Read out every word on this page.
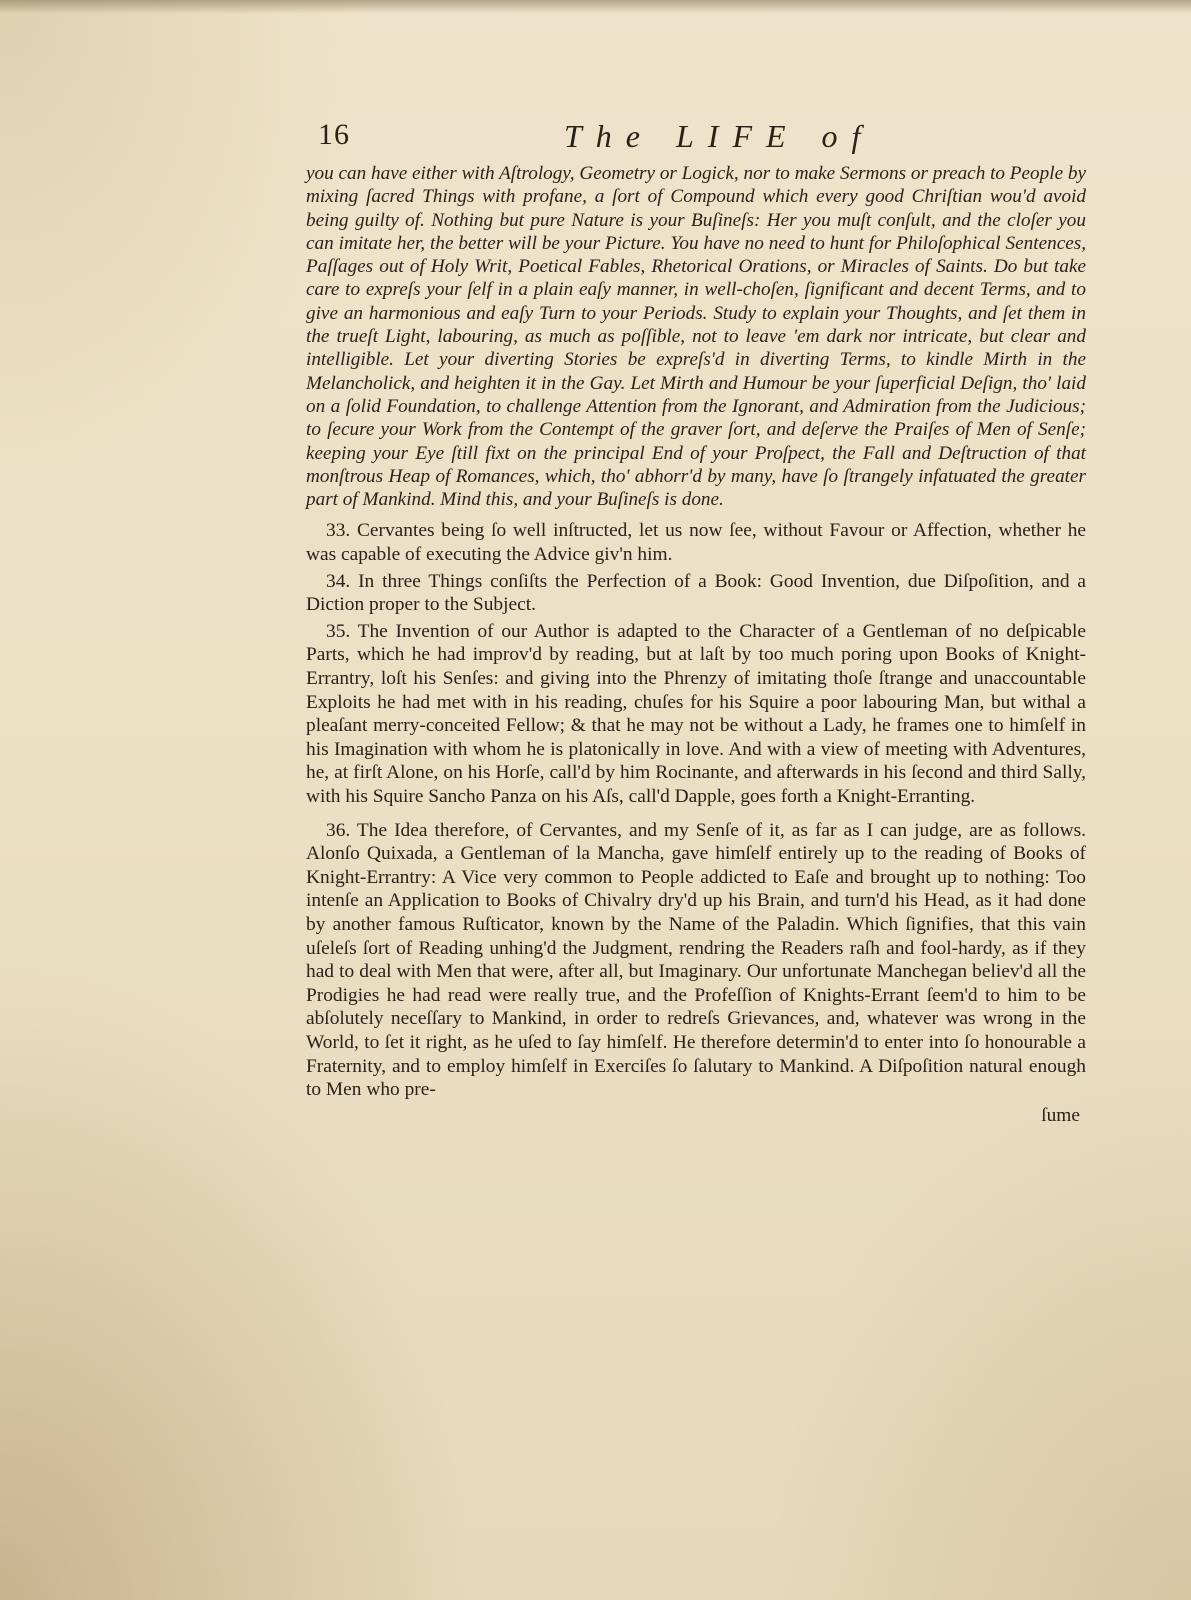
16	The LIFE of

you can have either with Aſtrology, Geometry or Logick, nor to make Sermons or preach to People by mixing ſacred Things with profane, a ſort of Compound which every good Chriſtian wou'd avoid being guilty of. Nothing but pure Nature is your Buſineſs: Her you muſt conſult, and the cloſer you can imitate her, the better will be your Picture. You have no need to hunt for Philoſophical Sentences, Paſſages out of Holy Writ, Poetical Fables, Rhetorical Orations, or Miracles of Saints. Do but take care to expreſs your ſelf in a plain eaſy manner, in well-choſen, ſignificant and decent Terms, and to give an harmonious and eaſy Turn to your Periods. Study to explain your Thoughts, and ſet them in the trueſt Light, labouring, as much as poſſible, not to leave 'em dark nor intricate, but clear and intelligible. Let your diverting Stories be expreſs'd in diverting Terms, to kindle Mirth in the Melancholick, and heighten it in the Gay. Let Mirth and Humour be your ſuperficial Deſign, tho' laid on a ſolid Foundation, to challenge Attention from the Ignorant, and Admiration from the Judicious; to ſecure your Work from the Contempt of the graver ſort, and deſerve the Praiſes of Men of Senſe; keeping your Eye ſtill fixt on the principal End of your Proſpect, the Fall and Deſtruction of that monſtrous Heap of Romances, which, tho' abhorr'd by many, have ſo ſtrangely infatuated the greater part of Mankind. Mind this, and your Buſineſs is done.

33. Cervantes being ſo well inſtructed, let us now ſee, without Favour or Affection, whether he was capable of executing the Advice giv'n him.

34. In three Things conſiſts the Perfection of a Book: Good Invention, due Diſpoſition, and a Diction proper to the Subject.

35. The Invention of our Author is adapted to the Character of a Gentleman of no deſpicable Parts, which he had improv'd by reading, but at laſt by too much poring upon Books of Knight-Errantry, loſt his Senſes: and giving into the Phrenzy of imitating thoſe ſtrange and unaccountable Exploits he had met with in his reading, chuſes for his Squire a poor labouring Man, but withal a pleaſant merry-conceited Fellow; & that he may not be without a Lady, he frames one to himſelf in his Imagination with whom he is platonically in love. And with a view of meeting with Adventures, he, at firſt Alone, on his Horſe, call'd by him Rocinante, and afterwards in his ſecond and third Sally, with his Squire Sancho Panza on his Aſs, call'd Dapple, goes forth a Knight-Erranting.

36. The Idea therefore, of Cervantes, and my Senſe of it, as far as I can judge, are as follows. Alonſo Quixada, a Gentleman of la Mancha, gave himſelf entirely up to the reading of Books of Knight-Errantry: A Vice very common to People addicted to Eaſe and brought up to nothing: Too intenſe an Application to Books of Chivalry dry'd up his Brain, and turn'd his Head, as it had done by another famous Ruſticator, known by the Name of the Paladin. Which ſignifies, that this vain uſeleſs ſort of Reading unhing'd the Judgment, rendring the Readers raſh and fool-hardy, as if they had to deal with Men that were, after all, but Imaginary. Our unfortunate Manchegan believ'd all the Prodigies he had read were really true, and the Profeſſion of Knights-Errant ſeem'd to him to be abſolutely neceſſary to Mankind, in order to redreſs Grievances, and, whatever was wrong in the World, to ſet it right, as he uſed to ſay himſelf. He therefore determin'd to enter into ſo honourable a Fraternity, and to employ himſelf in Exerciſes ſo ſalutary to Mankind. A Diſpoſition natural enough to Men who pre-

ſume
